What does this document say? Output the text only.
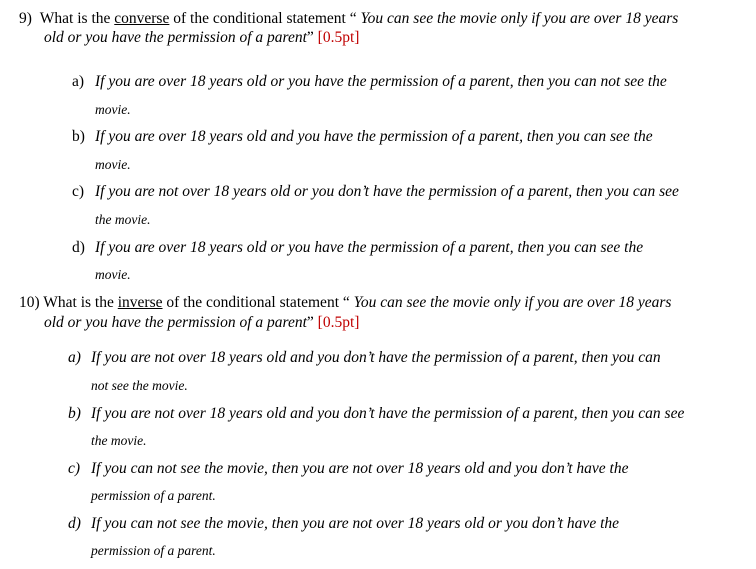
9) What is the converse of the conditional statement “ You can see the movie only if you are over 18 years
old or you have the permission of a parent” [0.5pt]
a) If you are over 18 years old or you have the permission of a parent, then you can not see the
movie.
b) If you are over 18 years old and you have the permission of a parent, then you can see the
movie.
c) If you are not over 18 years old or you don’t have the permission of a parent, then you can see
the movie.
d) If you are over 18 years old or you have the permission of a parent, then you can see the
movie.
10) What is the inverse of the conditional statement “ You can see the movie only if you are over 18 years
old or you have the permission of a parent” [0.5pt]
a) If you are not over 18 years old and you don’t have the permission of a parent, then you can
not see the movie.
b) If you are not over 18 years old and you don’t have the permission of a parent, then you can see
the movie.
c) If you can not see the movie, then you are not over 18 years old and you don’t have the
permission of a parent.
d) If you can not see the movie, then you are not over 18 years old or you don’t have the
permission of a parent.
